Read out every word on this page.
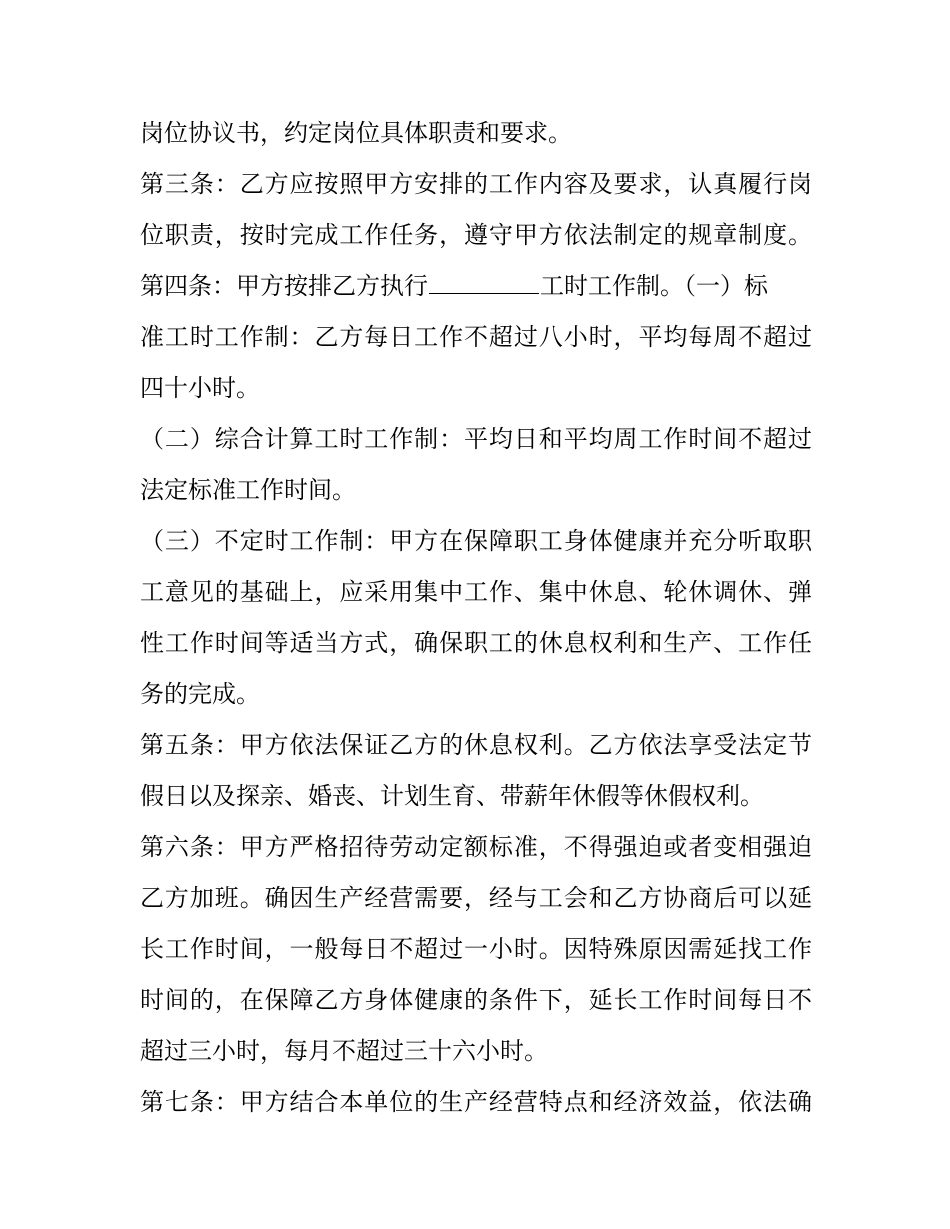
岗位协议书，约定岗位具体职责和要求。
第三条：乙方应按照甲方安排的工作内容及要求，认真履行岗
位职责，按时完成工作任务，遵守甲方依法制定的规章制度。
第四条：甲方按排乙方执行	工时工作制。（一）标
准工时工作制：乙方每日工作不超过八小时，平均每周不超过
四十小时。
（二）综合计算工时工作制：平均日和平均周工作时间不超过
法定标准工作时间。
（三）不定时工作制：甲方在保障职工身体健康并充分听取职
工意见的基础上，应采用集中工作、集中休息、轮休调休、弹
性工作时间等适当方式，确保职工的休息权利和生产、工作任
务的完成。
第五条：甲方依法保证乙方的休息权利。乙方依法享受法定节
假日以及探亲、婚丧、计划生育、带薪年休假等休假权利。
第六条：甲方严格招待劳动定额标准，不得强迫或者变相强迫
乙方加班。确因生产经营需要，经与工会和乙方协商后可以延
长工作时间，一般每日不超过一小时。因特殊原因需延找工作
时间的，在保障乙方身体健康的条件下，延长工作时间每日不
超过三小时，每月不超过三十六小时。
第七条：甲方结合本单位的生产经营特点和经济效益，依法确
